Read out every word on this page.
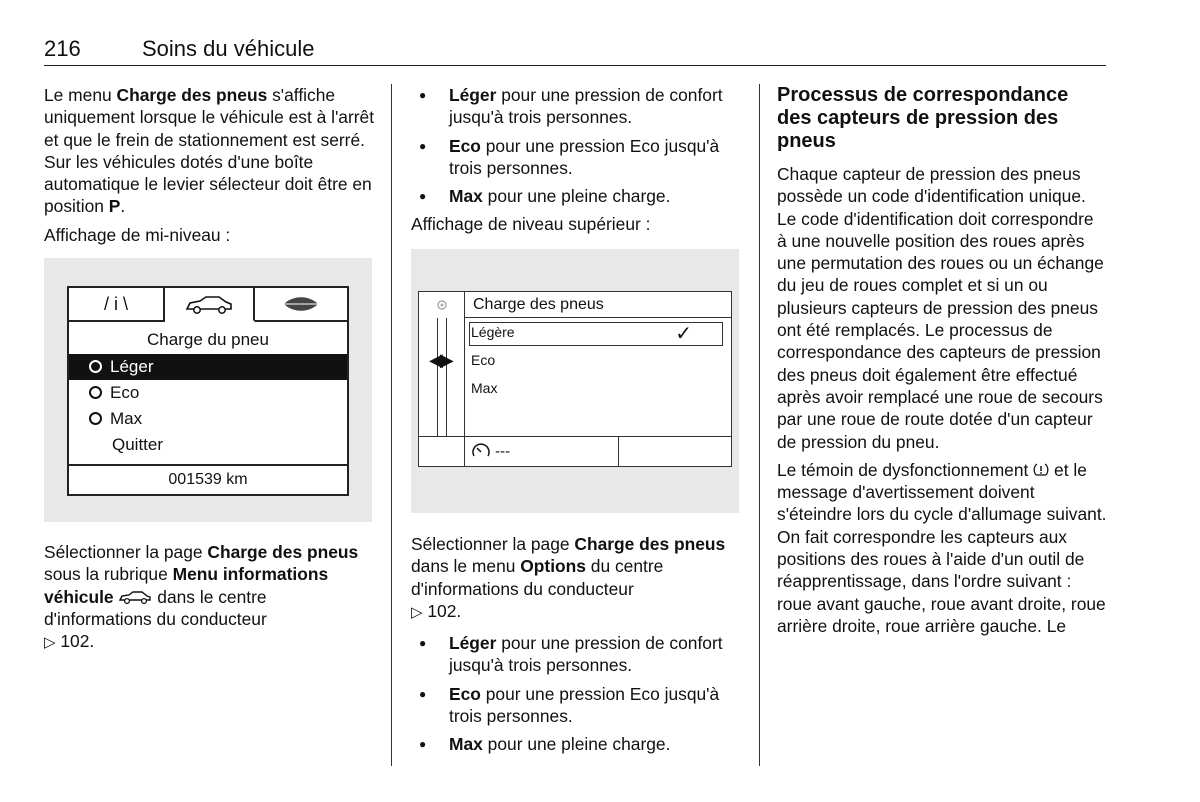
216	Soins du véhicule

Le menu Charge des pneus s'affiche uniquement lorsque le véhicule est à l'arrêt et que le frein de stationnement est serré. Sur les véhicules dotés d'une boîte automatique le levier sélecteur doit être en position P.

Affichage de mi-niveau :

Sélectionner la page Charge des pneus sous la rubrique Menu informations véhicule	dans le centre d'informations du conducteur
▷ 102.

/ i \
Charge du pneu
Léger
Eco
Max
Quitter
001539 km
● Léger pour une pression de confort jusqu'à trois personnes.
● Eco pour une pression Eco jusqu'à trois personnes.
● Max pour une pleine charge.

Affichage de niveau supérieur :

◀▶
Charge des pneus
✓
Légère
Eco
Max
---

Sélectionner la page Charge des pneus dans le menu Options du centre d'informations du conducteur
▷ 102.

● Léger pour une pression de confort jusqu'à trois personnes.
● Eco pour une pression Eco jusqu'à trois personnes.
● Max pour une pleine charge.
Processus de correspondance des capteurs de pression des pneus

Chaque capteur de pression des pneus possède un code d'identification unique. Le code d'identification doit correspondre à une nouvelle position des roues après une permutation des roues ou un échange du jeu de roues complet et si un ou plusieurs capteurs de pression des pneus ont été remplacés. Le processus de correspondance des capteurs de pression des pneus doit également être effectué après avoir remplacé une roue de secours par une roue de route dotée d'un capteur de pression du pneu.

Le témoin de dysfonctionnement  et le message d'avertissement doivent s'éteindre lors du cycle d'allumage suivant. On fait correspondre les capteurs aux positions des roues à l'aide d'un outil de réapprentissage, dans l'ordre suivant : roue avant gauche, roue avant droite, roue arrière droite, roue arrière gauche. Le
